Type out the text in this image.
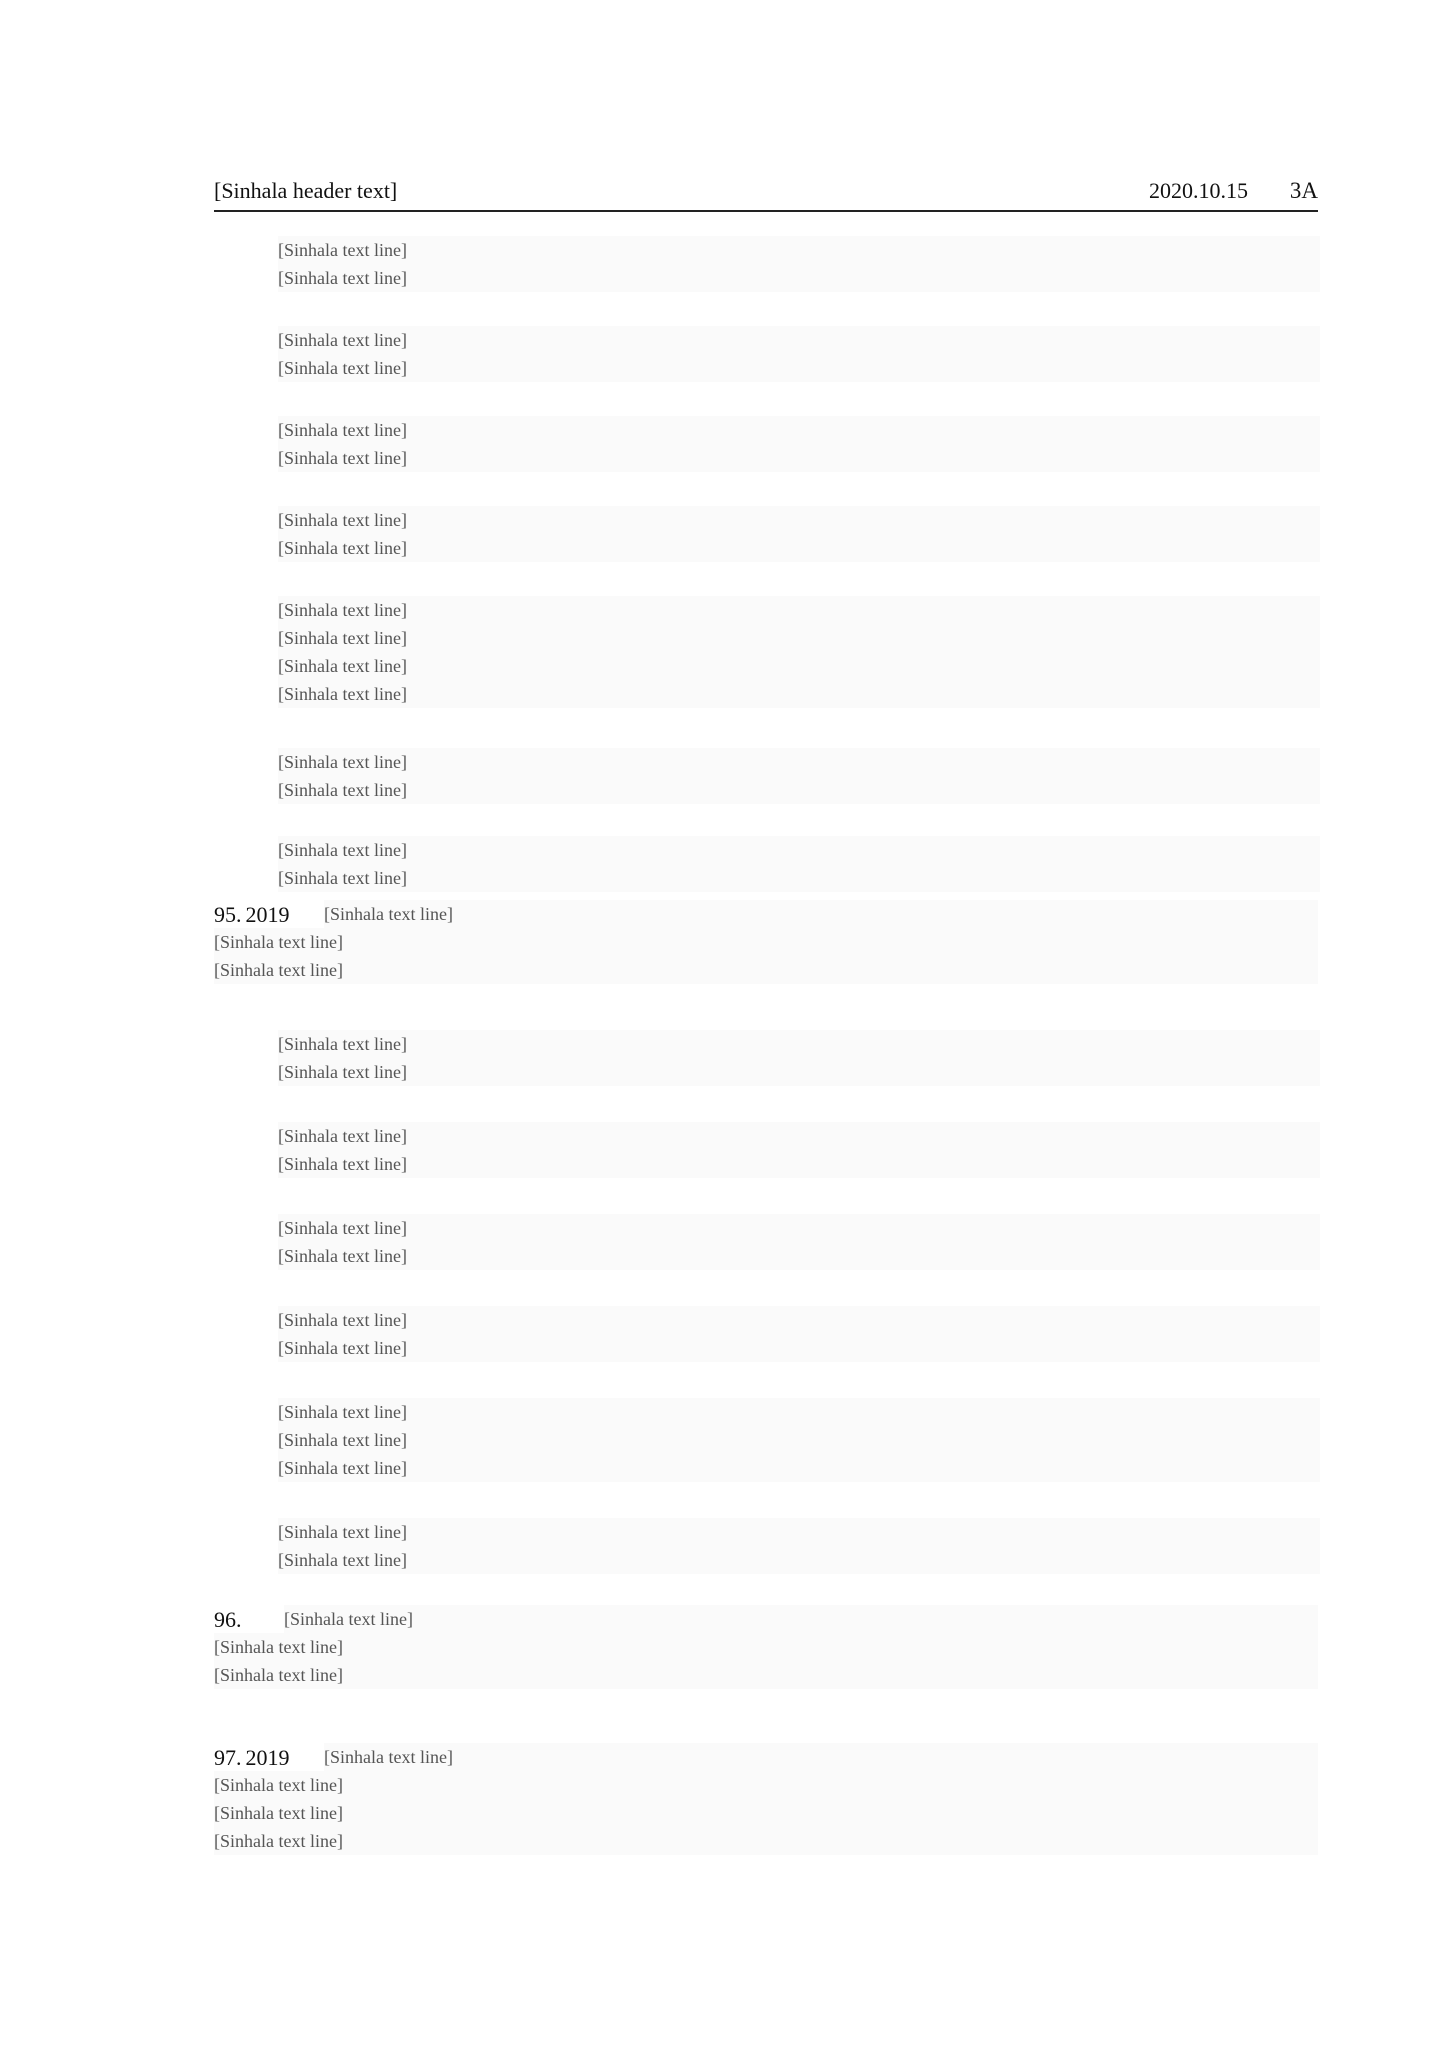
[Sinhala header text]	2020.10.15 3A
[Sinhala text line]
[Sinhala text line]
[Sinhala text line]
[Sinhala text line]
[Sinhala text line]
[Sinhala text line]
[Sinhala text line]
[Sinhala text line]
[Sinhala text line]
[Sinhala text line]
[Sinhala text line]
[Sinhala text line]
[Sinhala text line]
[Sinhala text line]
[Sinhala text line]
[Sinhala text line]
95. 2019	[Sinhala text line]
[Sinhala text line]
[Sinhala text line]
[Sinhala text line]
[Sinhala text line]
[Sinhala text line]
[Sinhala text line]
[Sinhala text line]
[Sinhala text line]
[Sinhala text line]
[Sinhala text line]
[Sinhala text line]
[Sinhala text line]
[Sinhala text line]
[Sinhala text line]
[Sinhala text line]
96.	[Sinhala text line]
[Sinhala text line]
[Sinhala text line]
97. 2019	[Sinhala text line]
[Sinhala text line]
[Sinhala text line]
[Sinhala text line]
